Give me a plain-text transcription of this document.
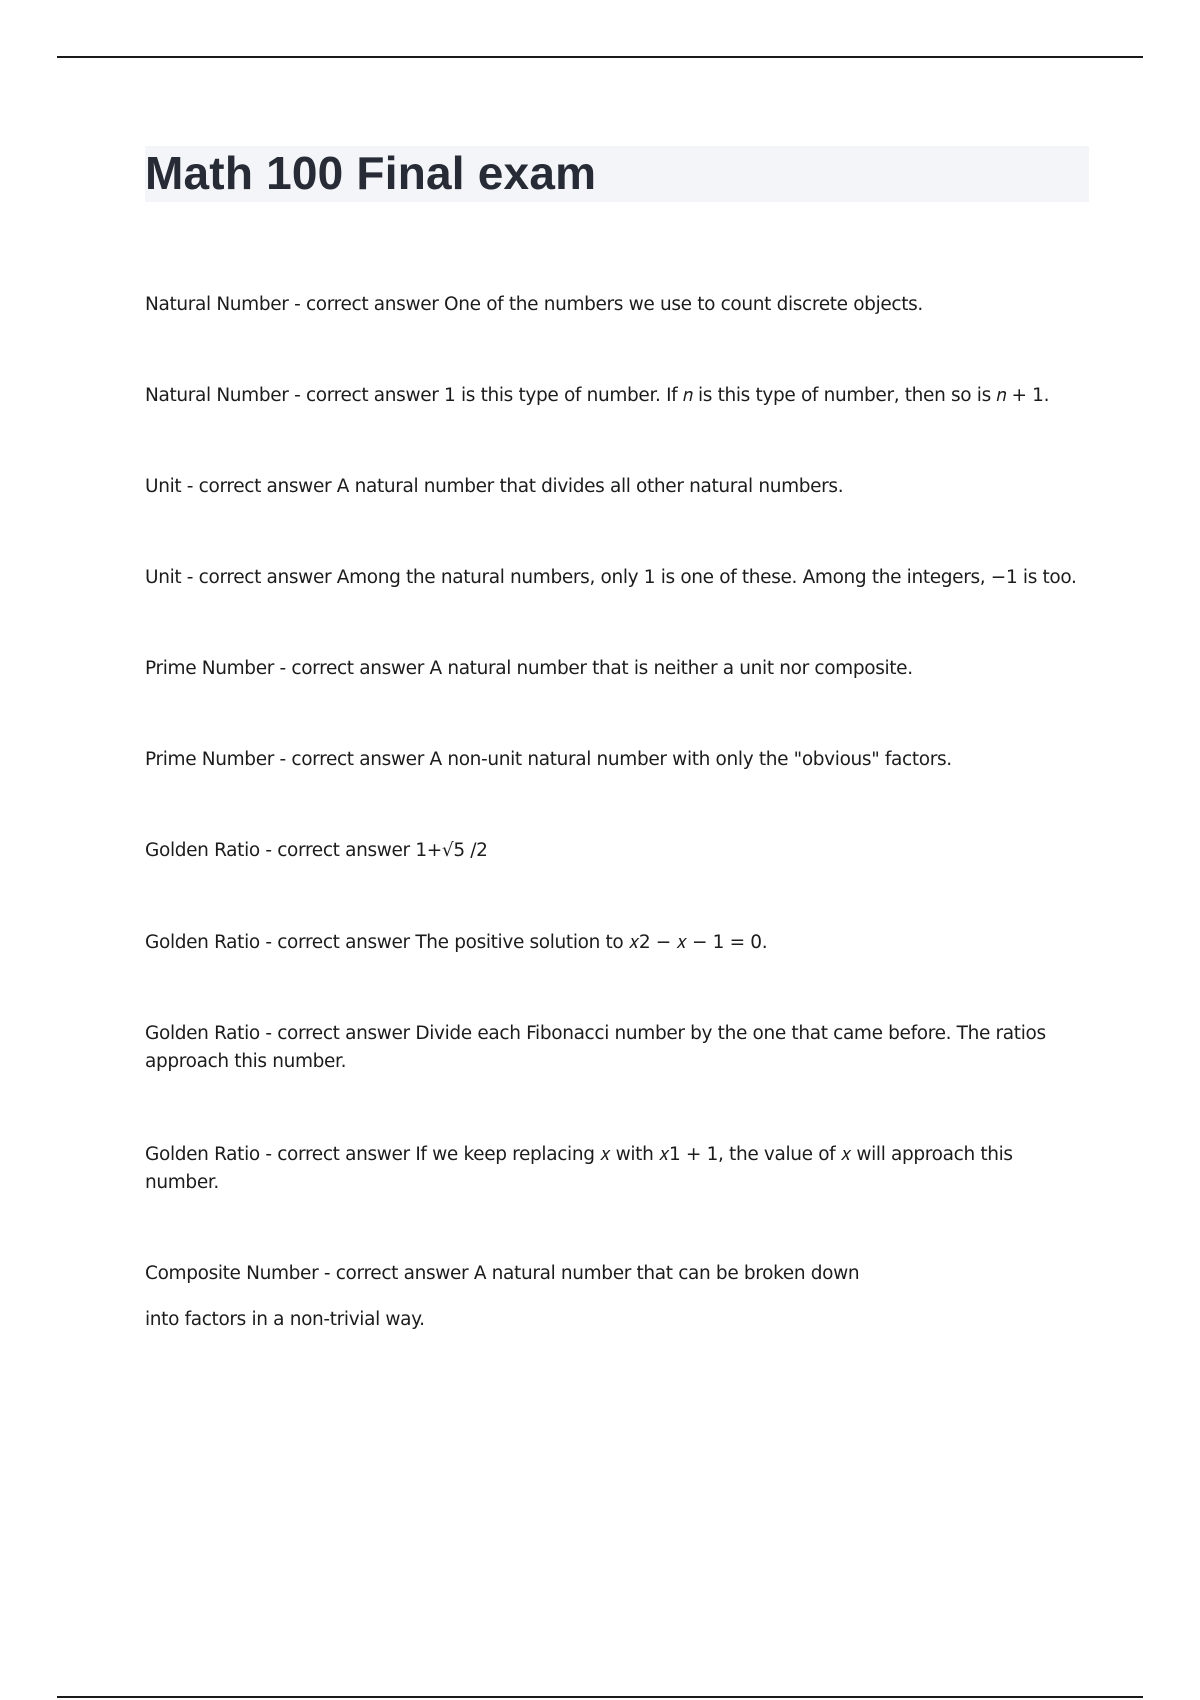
Math 100 Final exam
Natural Number - correct answer One of the numbers we use to count discrete objects.
Natural Number - correct answer 1 is this type of number. If 𝑛 is this type of number, then so is 𝑛 + 1.
Unit - correct answer A natural number that divides all other natural numbers.
Unit - correct answer Among the natural numbers, only 1 is one of these. Among the integers, −1 is too.
Prime Number - correct answer A natural number that is neither a unit nor composite.
Prime Number - correct answer A non-unit natural number with only the "obvious" factors.
Golden Ratio - correct answer 1+√5 /2
Golden Ratio - correct answer The positive solution to 𝑥2 − 𝑥 − 1 = 0.
Golden Ratio - correct answer Divide each Fibonacci number by the one that came before. The ratios approach this number.
Golden Ratio - correct answer If we keep replacing 𝑥 with 𝑥1 + 1, the value of 𝑥 will approach this number.
Composite Number - correct answer A natural number that can be broken down
into factors in a non-trivial way.
